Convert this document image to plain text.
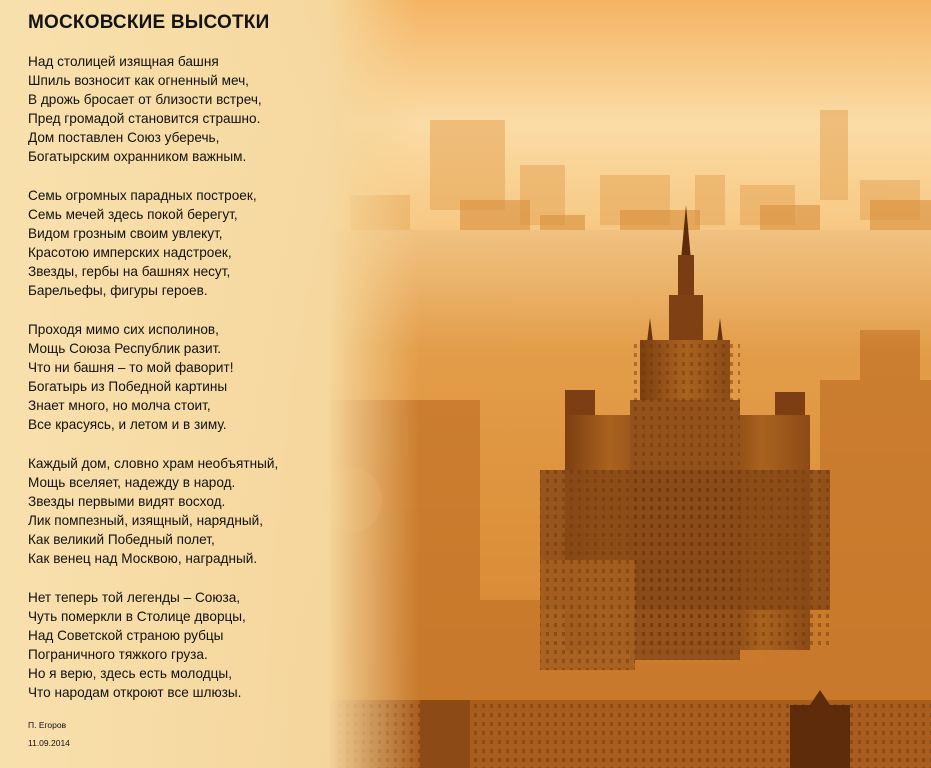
МОСКОВСКИЕ ВЫСОТКИ
Над столицей изящная башня
Шпиль возносит как огненный меч,
В дрожь бросает от близости встреч,
Пред громадой становится страшно.
Дом поставлен Союз уберечь,
Богатырским охранником важным.
Семь огромных парадных построек,
Семь мечей здесь покой берегут,
Видом грозным своим увлекут,
Красотою имперских надстроек,
Звезды, гербы на башнях несут,
Барельефы, фигуры героев.
Проходя мимо сих исполинов,
Мощь Союза Республик разит.
Что ни башня – то мой фаворит!
Богатырь из Победной картины
Знает много, но молча стоит,
Все красуясь, и летом и в зиму.
Каждый дом, словно храм необъятный,
Мощь вселяет, надежду в народ.
Звезды первыми видят восход.
Лик помпезный, изящный, нарядный,
Как великий Победный полет,
Как венец над Москвою, наградный.
Нет теперь той легенды – Союза,
Чуть померкли в Столице дворцы,
Над Советской страною рубцы
Пограничного тяжкого груза.
Но я верю, здесь есть молодцы,
Что народам откроют все шлюзы.
П. Егоров
11.09.2014
